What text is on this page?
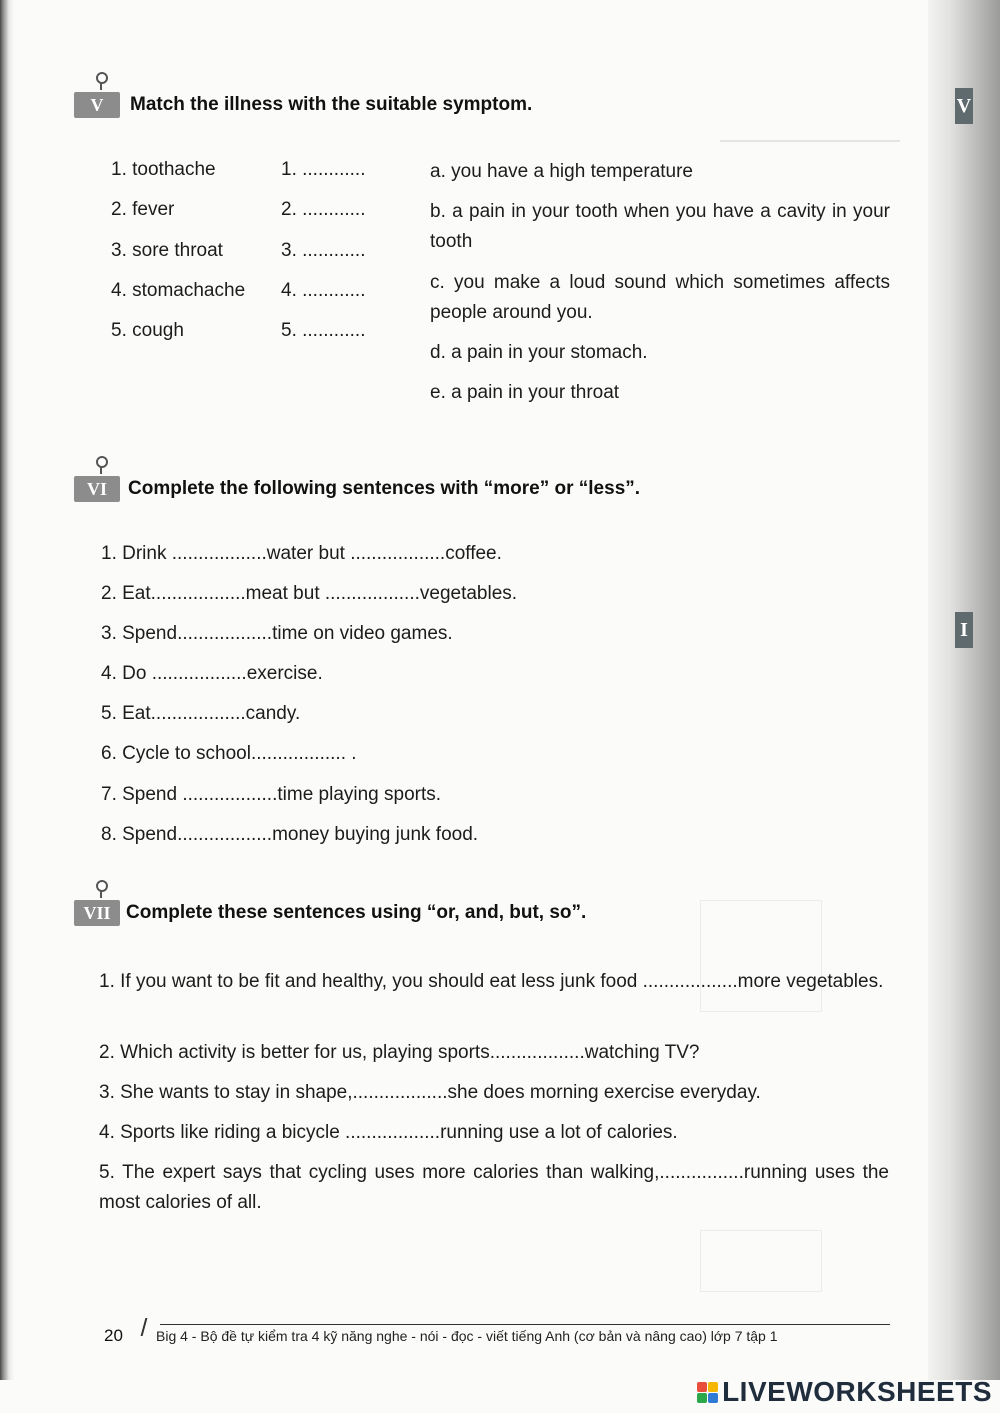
V
I
V	Match the illness with the suitable symptom.
1. toothache
2. fever
3. sore throat
4. stomachache
5. cough
1. ............
2. ............
3. ............
4. ............
5. ............
a. you have a high temperature
b. a pain in your tooth when you have a cavity in your tooth
c. you make a loud sound which sometimes affects people around you.
d. a pain in your stomach.
e. a pain in your throat
VI	Complete the following sentences with “more” or “less”.
1. Drink ..................water but ..................coffee.
2. Eat..................meat but ..................vegetables.
3. Spend..................time on video games.
4. Do ..................exercise.
5. Eat..................candy.
6. Cycle to school.................. .
7. Spend ..................time playing sports.
8. Spend..................money buying junk food.
VII Complete these sentences using “or, and, but, so”.
1. If you want to be fit and healthy, you should eat less junk food ..................more vegetables.
2. Which activity is better for us, playing sports..................watching TV?
3. She wants to stay in shape,..................she does morning exercise everyday.
4. Sports like riding a bicycle ..................running use a lot of calories.
5. The expert says that cycling uses more calories than walking,................running uses the most calories of all.
20 Big 4 - Bộ đề tự kiểm tra 4 kỹ năng nghe - nói - đọc - viết tiếng Anh (cơ bản và nâng cao) lớp 7 tập 1
LIVEWORKSHEETS
